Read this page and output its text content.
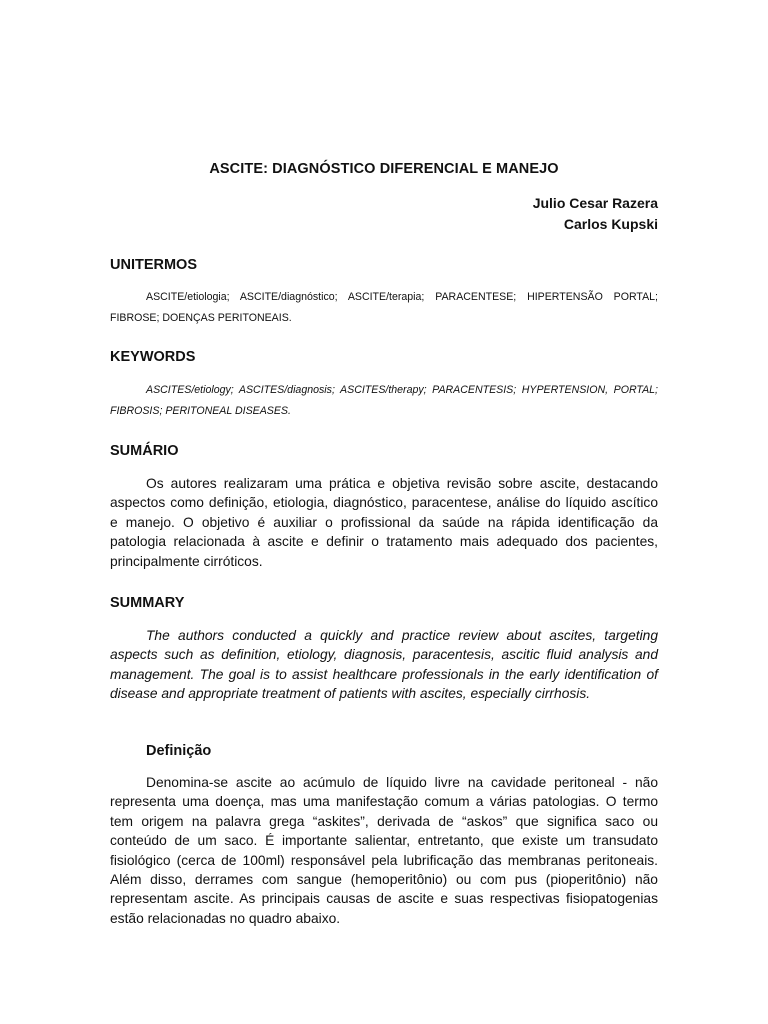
ASCITE: DIAGNÓSTICO DIFERENCIAL E MANEJO
Julio Cesar Razera
Carlos Kupski
UNITERMOS
ASCITE/etiologia; ASCITE/diagnóstico; ASCITE/terapia; PARACENTESE; HIPERTENSÃO PORTAL; FIBROSE; DOENÇAS PERITONEAIS.
KEYWORDS
ASCITES/etiology; ASCITES/diagnosis; ASCITES/therapy; PARACENTESIS; HYPERTENSION, PORTAL; FIBROSIS; PERITONEAL DISEASES.
SUMÁRIO

Os autores realizaram uma prática e objetiva revisão sobre ascite, destacando aspectos como definição, etiologia, diagnóstico, paracentese, análise do líquido ascítico e manejo. O objetivo é auxiliar o profissional da saúde na rápida identificação da patologia relacionada à ascite e definir o tratamento mais adequado dos pacientes, principalmente cirróticos.

SUMMARY

The authors conducted a quickly and practice review about ascites, targeting aspects such as definition, etiology, diagnosis, paracentesis, ascitic fluid analysis and management. The goal is to assist healthcare professionals in the early identification of disease and appropriate treatment of patients with ascites, especially cirrhosis.

Definição

Denomina-se ascite ao acúmulo de líquido livre na cavidade peritoneal - não representa uma doença, mas uma manifestação comum a várias patologias. O termo tem origem na palavra grega “askites”, derivada de “askos” que significa saco ou conteúdo de um saco. É importante salientar, entretanto, que existe um transudato fisiológico (cerca de 100ml) responsável pela lubrificação das membranas peritoneais. Além disso, derrames com sangue (hemoperitônio) ou com pus (pioperitônio) não representam ascite. As principais causas de ascite e suas respectivas fisiopatogenias estão relacionadas no quadro abaixo.
